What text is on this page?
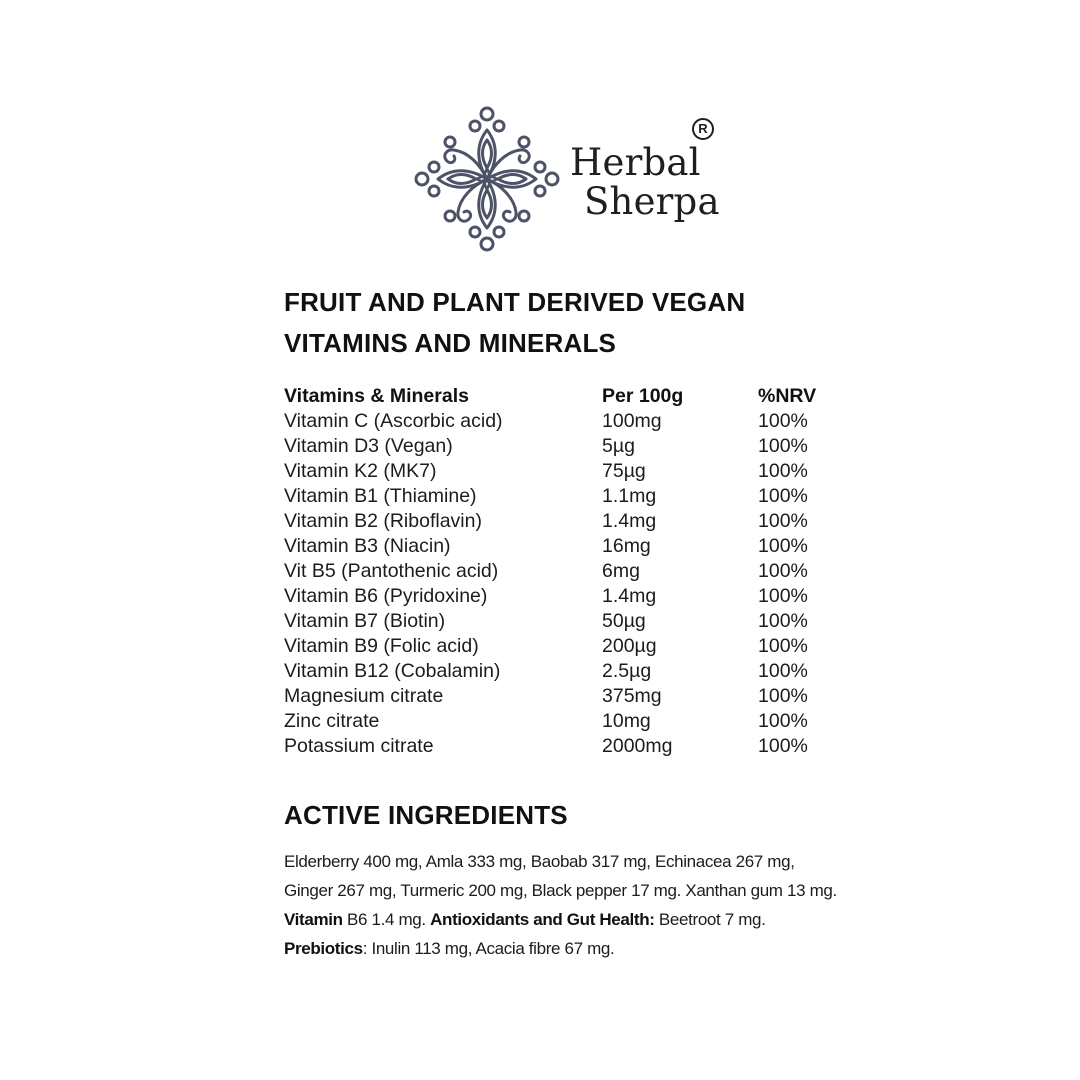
Herbal
Sherpa
R
FRUIT AND PLANT DERIVED VEGAN VITAMINS AND MINERALS
Vitamins & Minerals	Per 100g	%NRV
Vitamin C (Ascorbic acid)	100mg	100%
Vitamin D3 (Vegan)	5µg	100%
Vitamin K2 (MK7)	75µg	100%
Vitamin B1 (Thiamine)	1.1mg	100%
Vitamin B2 (Riboflavin)	1.4mg	100%
Vitamin B3 (Niacin)	16mg	100%
Vit B5 (Pantothenic acid)	6mg	100%
Vitamin B6 (Pyridoxine)	1.4mg	100%
Vitamin B7 (Biotin)	50µg	100%
Vitamin B9 (Folic acid)	200µg	100%
Vitamin B12 (Cobalamin)	2.5µg	100%
Magnesium citrate	375mg	100%
Zinc citrate	10mg	100%
Potassium citrate	2000mg	100%
ACTIVE INGREDIENTS

Elderberry 400 mg, Amla 333 mg, Baobab 317 mg, Echinacea 267 mg, Ginger 267 mg, Turmeric 200 mg, Black pepper 17 mg. Xanthan gum 13 mg. Vitamin B6 1.4 mg. Antioxidants and Gut Health: Beetroot 7 mg. Prebiotics: Inulin 113 mg, Acacia fibre 67 mg.
